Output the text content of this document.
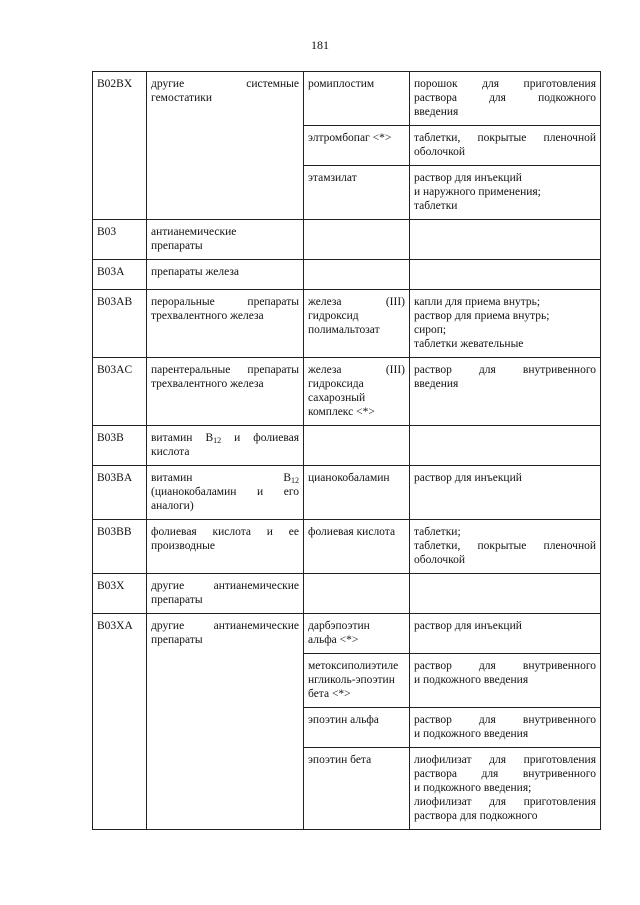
181
B02BX	другие системные
гемостатики	ромиплостим	порошок для приготовления
раствора для подкожного
введения

		элтромбопаг <*>	таблетки, покрытые пленочной
оболочкой

		этамзилат	раствор для инъекций
и наружного применения;
таблетки

B03	антианемические
препараты		

B03A	препараты железа		

B03AB	пероральные препараты
трехвалентного железа	железа (III)
гидроксид
полимальтозат	капли для приема внутрь;
раствор для приема внутрь;
сироп;
таблетки жевательные

B03AC	парентеральные препараты
трехвалентного железа	железа (III)
гидроксида
сахарозный
комплекс <*>	раствор для внутривенного
введения

B03B	витамин $B_{12}$ и фолиевая
кислота		

B03BA	витамин $B_{12}$
(цианокобаламин и его
аналоги)	цианокобаламин	раствор для инъекций

B03BB	фолиевая кислота и ее
производные	фолиевая кислота	таблетки;
таблетки, покрытые пленочной
оболочкой

B03X	другие антианемические
препараты		

B03XA	другие антианемические
препараты	дарбэпоэтин
альфа <*>	раствор для инъекций

		метоксиполиэтиле
нгликоль-эпоэтин
бета <*>	раствор для внутривенного
и подкожного введения

		эпоэтин альфа	раствор для внутривенного
и подкожного введения

		эпоэтин бета	лиофилизат для приготовления
раствора для внутривенного
и подкожного введения;
лиофилизат для приготовления
раствора для подкожного
